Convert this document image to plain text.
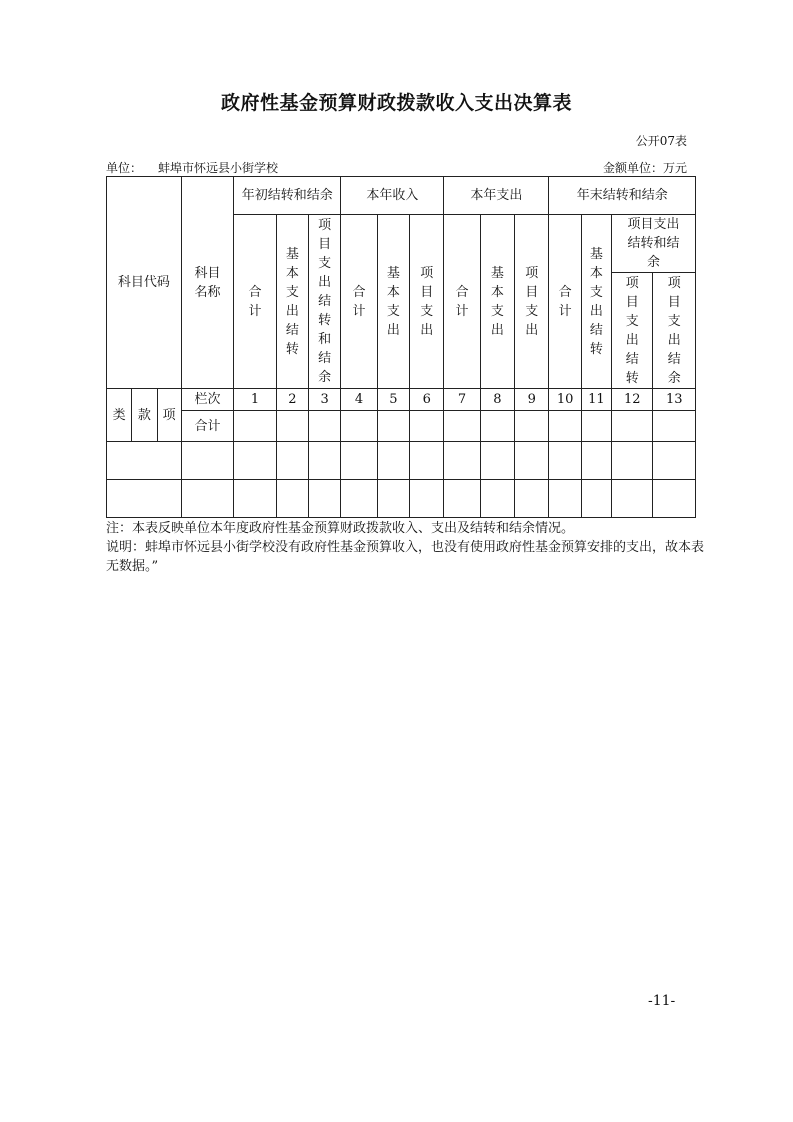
政府性基金预算财政拨款收入支出决算表
公开07表
单位： 蚌埠市怀远县小街学校	金额单位：万元
科目代码			科目名称	年初结转和结余			本年收入			本年支出			年末结转和结余			
				合计	基本支出结转	项目支出结转和结余	合计	基本支出	项目支出	合计	基本支出	项目支出	合计	基本支出结转	项目支出结转和结余	
															项目支出结转	项目支出结余
类	款	项	栏次	1	2	3	4	5	6	7	8	9	10	11	12	13
			合计													

注：本表反映单位本年度政府性基金预算财政拨款收入、支出及结转和结余情况。
说明：蚌埠市怀远县小街学校没有政府性基金预算收入，也没有使用政府性基金预算安排的支出，故本表无数据。”
-11-
